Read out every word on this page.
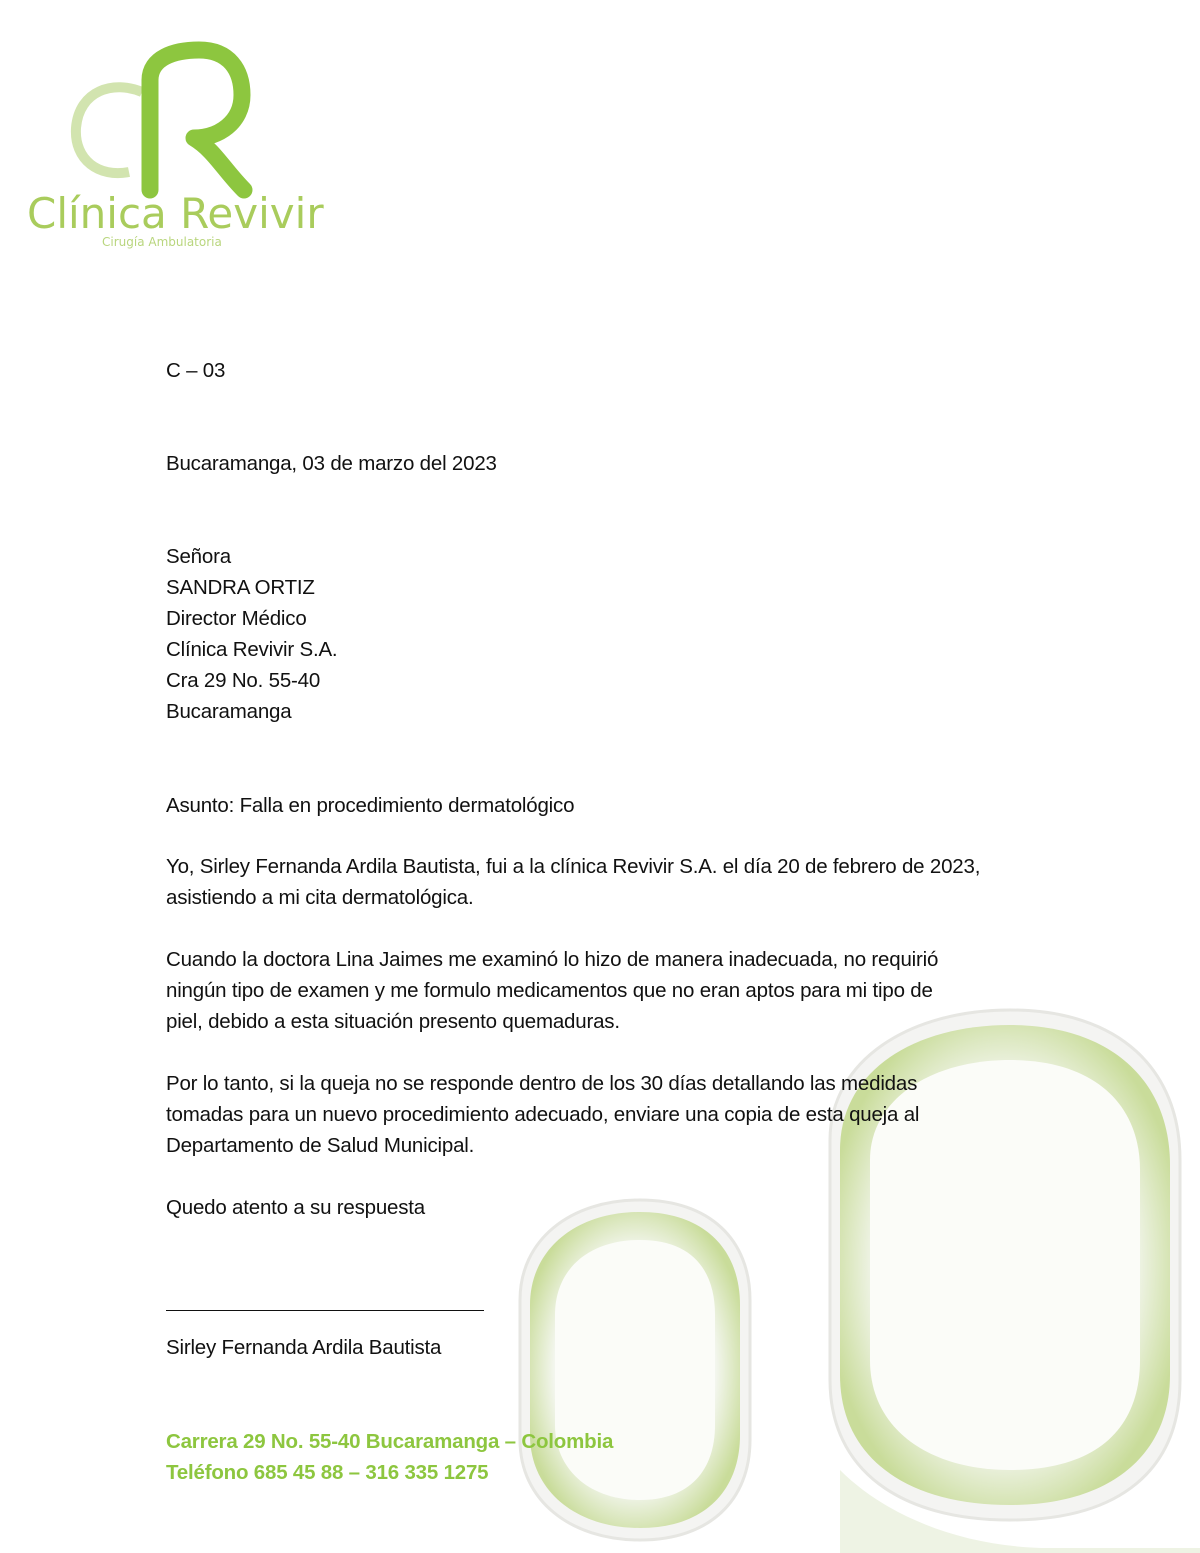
Clínica Revivir
Cirugía Ambulatoria
C – 03
Bucaramanga, 03 de marzo del 2023
Señora
SANDRA ORTIZ
Director Médico
Clínica Revivir S.A.
Cra 29 No. 55-40
Bucaramanga
Asunto: Falla en procedimiento dermatológico
Yo, Sirley Fernanda Ardila Bautista, fui a la clínica Revivir S.A. el día 20 de febrero de 2023,
asistiendo a mi cita dermatológica.
Cuando la doctora Lina Jaimes me examinó lo hizo de manera inadecuada, no requirió
ningún tipo de examen y me formulo medicamentos que no eran aptos para mi tipo de
piel, debido a esta situación presento quemaduras.
Por lo tanto, si la queja no se responde dentro de los 30 días detallando las medidas
tomadas para un nuevo procedimiento adecuado, enviare una copia de esta queja al
Departamento de Salud Municipal.
Quedo atento a su respuesta
Sirley Fernanda Ardila Bautista
Carrera 29 No. 55-40 Bucaramanga – Colombia
Teléfono 685 45 88 – 316 335 1275
